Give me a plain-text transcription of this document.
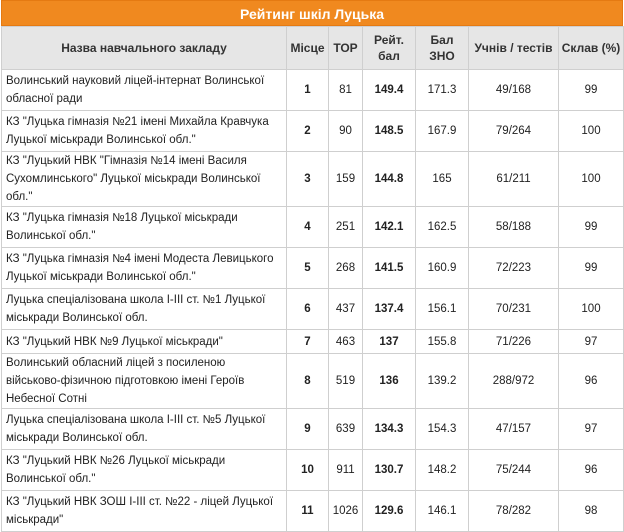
Рейтинг шкіл Луцька
Назва навчального закладу	Місце	ТОР	Рейт. бал	Бал ЗНО	Учнів / тестів	Склав (%)
Волинський науковий ліцей-інтернат Волинської обласної ради	1	81	149.4	171.3	49/168	99
КЗ "Луцька гімназія №21 імені Михайла Кравчука Луцької міськради Волинської обл."	2	90	148.5	167.9	79/264	100
КЗ "Луцький НВК "Гімназія №14 імені Василя Сухомлинського" Луцької міськради Волинської обл."	3	159	144.8	165	61/211	100
КЗ "Луцька гімназія №18 Луцької міськради Волинської обл."	4	251	142.1	162.5	58/188	99
КЗ "Луцька гімназія №4 імені Модеста Левицького Луцької міськради Волинської обл."	5	268	141.5	160.9	72/223	99
Луцька спеціалізована школа І-ІІІ ст. №1 Луцької міськради Волинської обл.	6	437	137.4	156.1	70/231	100
КЗ "Луцький НВК №9 Луцької міськради"	7	463	137	155.8	71/226	97
Волинський обласний ліцей з посиленою військово-фізичною підготовкою імені Героїв Небесної Сотні	8	519	136	139.2	288/972	96
Луцька спеціалізована школа І-ІІІ ст. №5 Луцької міськради Волинської обл.	9	639	134.3	154.3	47/157	97
КЗ "Луцький НВК №26 Луцької міськради Волинської обл."	10	911	130.7	148.2	75/244	96
КЗ "Луцький НВК ЗОШ І-ІІІ ст. №22 - ліцей Луцької міськради"	11	1026	129.6	146.1	78/282	98
